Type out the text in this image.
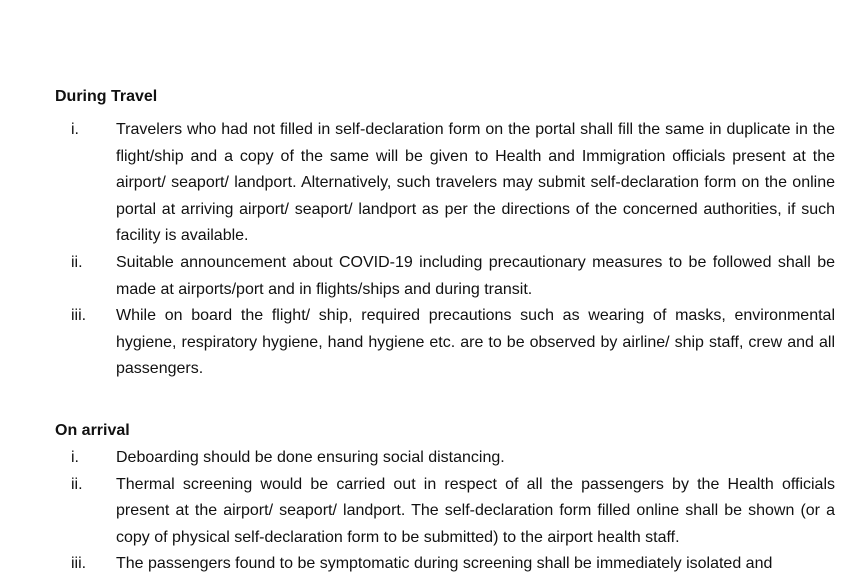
During Travel
i.	Travelers who had not filled in self-declaration form on the portal shall fill the same in duplicate in the flight/ship and a copy of the same will be given to Health and Immigration officials present at the airport/ seaport/ landport. Alternatively, such travelers may submit self-declaration form on the online portal at arriving airport/ seaport/ landport as per the directions of the concerned authorities, if such facility is available.

ii.	Suitable announcement about COVID-19 including precautionary measures to be followed shall be made at airports/port and in flights/ships and during transit.

iii.	While on board the flight/ ship, required precautions such as wearing of masks, environmental hygiene, respiratory hygiene, hand hygiene etc. are to be observed by airline/ ship staff, crew and all passengers.

On arrival
i.	Deboarding should be done ensuring social distancing.

ii.	Thermal screening would be carried out in respect of all the passengers by the Health officials present at the airport/ seaport/ landport. The self-declaration form filled online shall be shown (or a copy of physical self-declaration form to be submitted) to the airport health staff.

iii.	The passengers found to be symptomatic during screening shall be immediately isolated and
